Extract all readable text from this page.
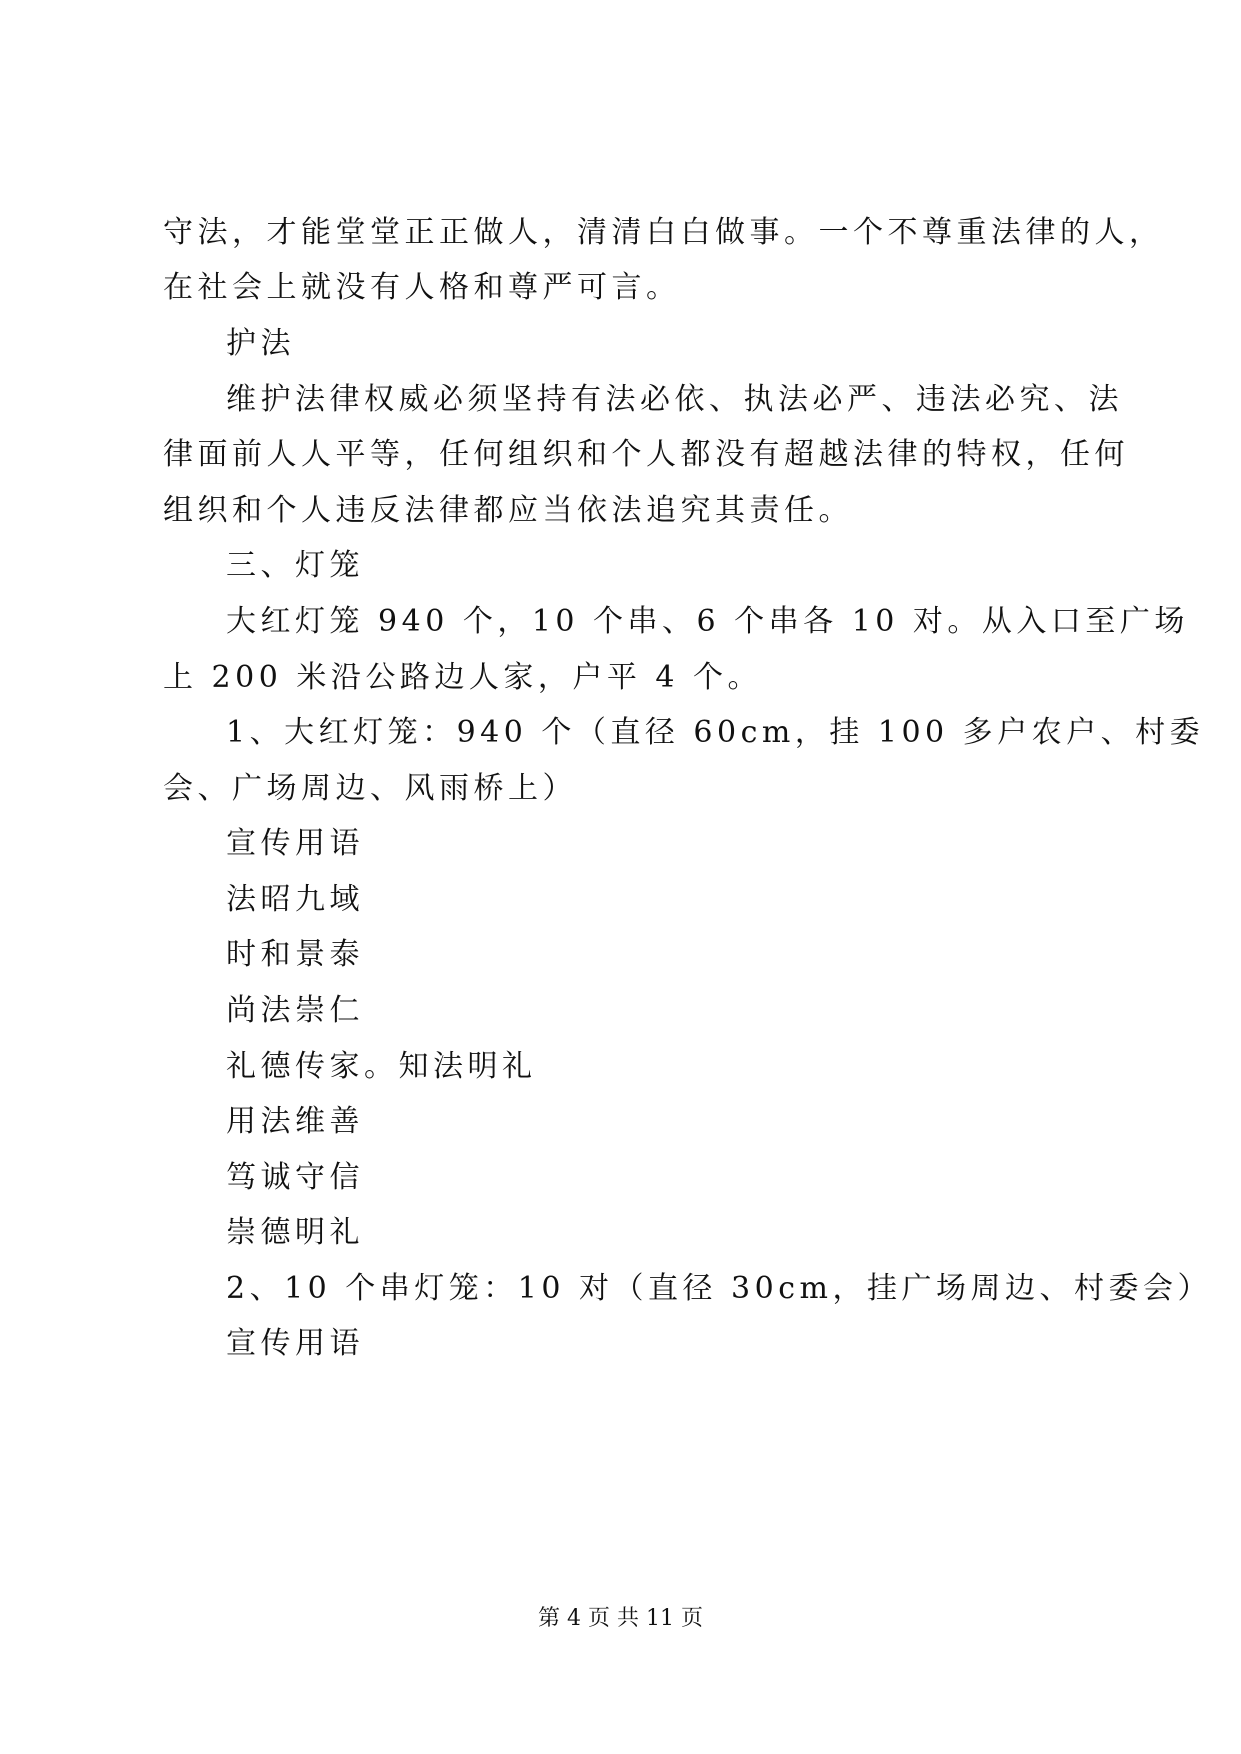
守法，才能堂堂正正做人，清清白白做事。一个不尊重法律的人，
在社会上就没有人格和尊严可言。
护法
维护法律权威必须坚持有法必依、执法必严、违法必究、法
律面前人人平等，任何组织和个人都没有超越法律的特权，任何
组织和个人违反法律都应当依法追究其责任。
三、灯笼
大红灯笼 940 个，10 个串、6 个串各 10 对。从入口至广场
上 200 米沿公路边人家，户平 4 个。
1、大红灯笼：940 个（直径 60cm，挂 100 多户农户、村委
会、广场周边、风雨桥上）
宣传用语
法昭九域
时和景泰
尚法崇仁
礼德传家。知法明礼
用法维善
笃诚守信
崇德明礼
2、10 个串灯笼：10 对（直径 30cm，挂广场周边、村委会）
宣传用语
第 4 页 共 11 页
